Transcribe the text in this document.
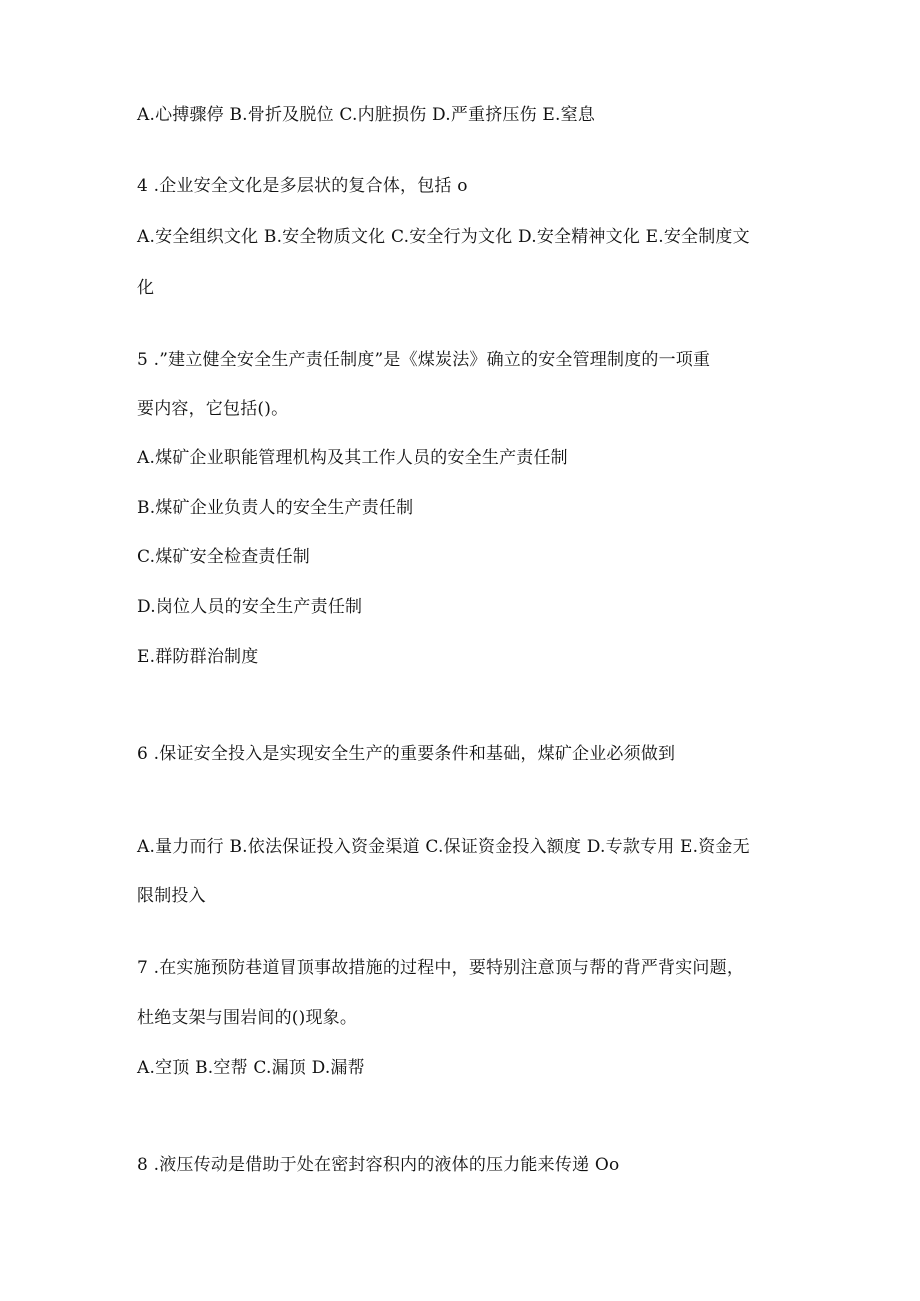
A.心搏骤停 B.骨折及脱位 C.内脏损伤 D.严重挤压伤 E.窒息
4 .企业安全文化是多层状的复合体，包括 o
A.安全组织文化 B.安全物质文化 C.安全行为文化 D.安全精神文化 E.安全制度文
化
5 .”建立健全安全生产责任制度”是《煤炭法》确立的安全管理制度的一项重
要内容，它包括()。
A.煤矿企业职能管理机构及其工作人员的安全生产责任制
B.煤矿企业负责人的安全生产责任制
C.煤矿安全检查责任制
D.岗位人员的安全生产责任制
E.群防群治制度
6 .保证安全投入是实现安全生产的重要条件和基础，煤矿企业必须做到
A.量力而行 B.依法保证投入资金渠道 C.保证资金投入额度 D.专款专用 E.资金无
限制投入
7 .在实施预防巷道冒顶事故措施的过程中，要特别注意顶与帮的背严背实问题，
杜绝支架与围岩间的()现象。
A.空顶 B.空帮 C.漏顶 D.漏帮
8 .液压传动是借助于处在密封容积内的液体的压力能来传递 Oo
